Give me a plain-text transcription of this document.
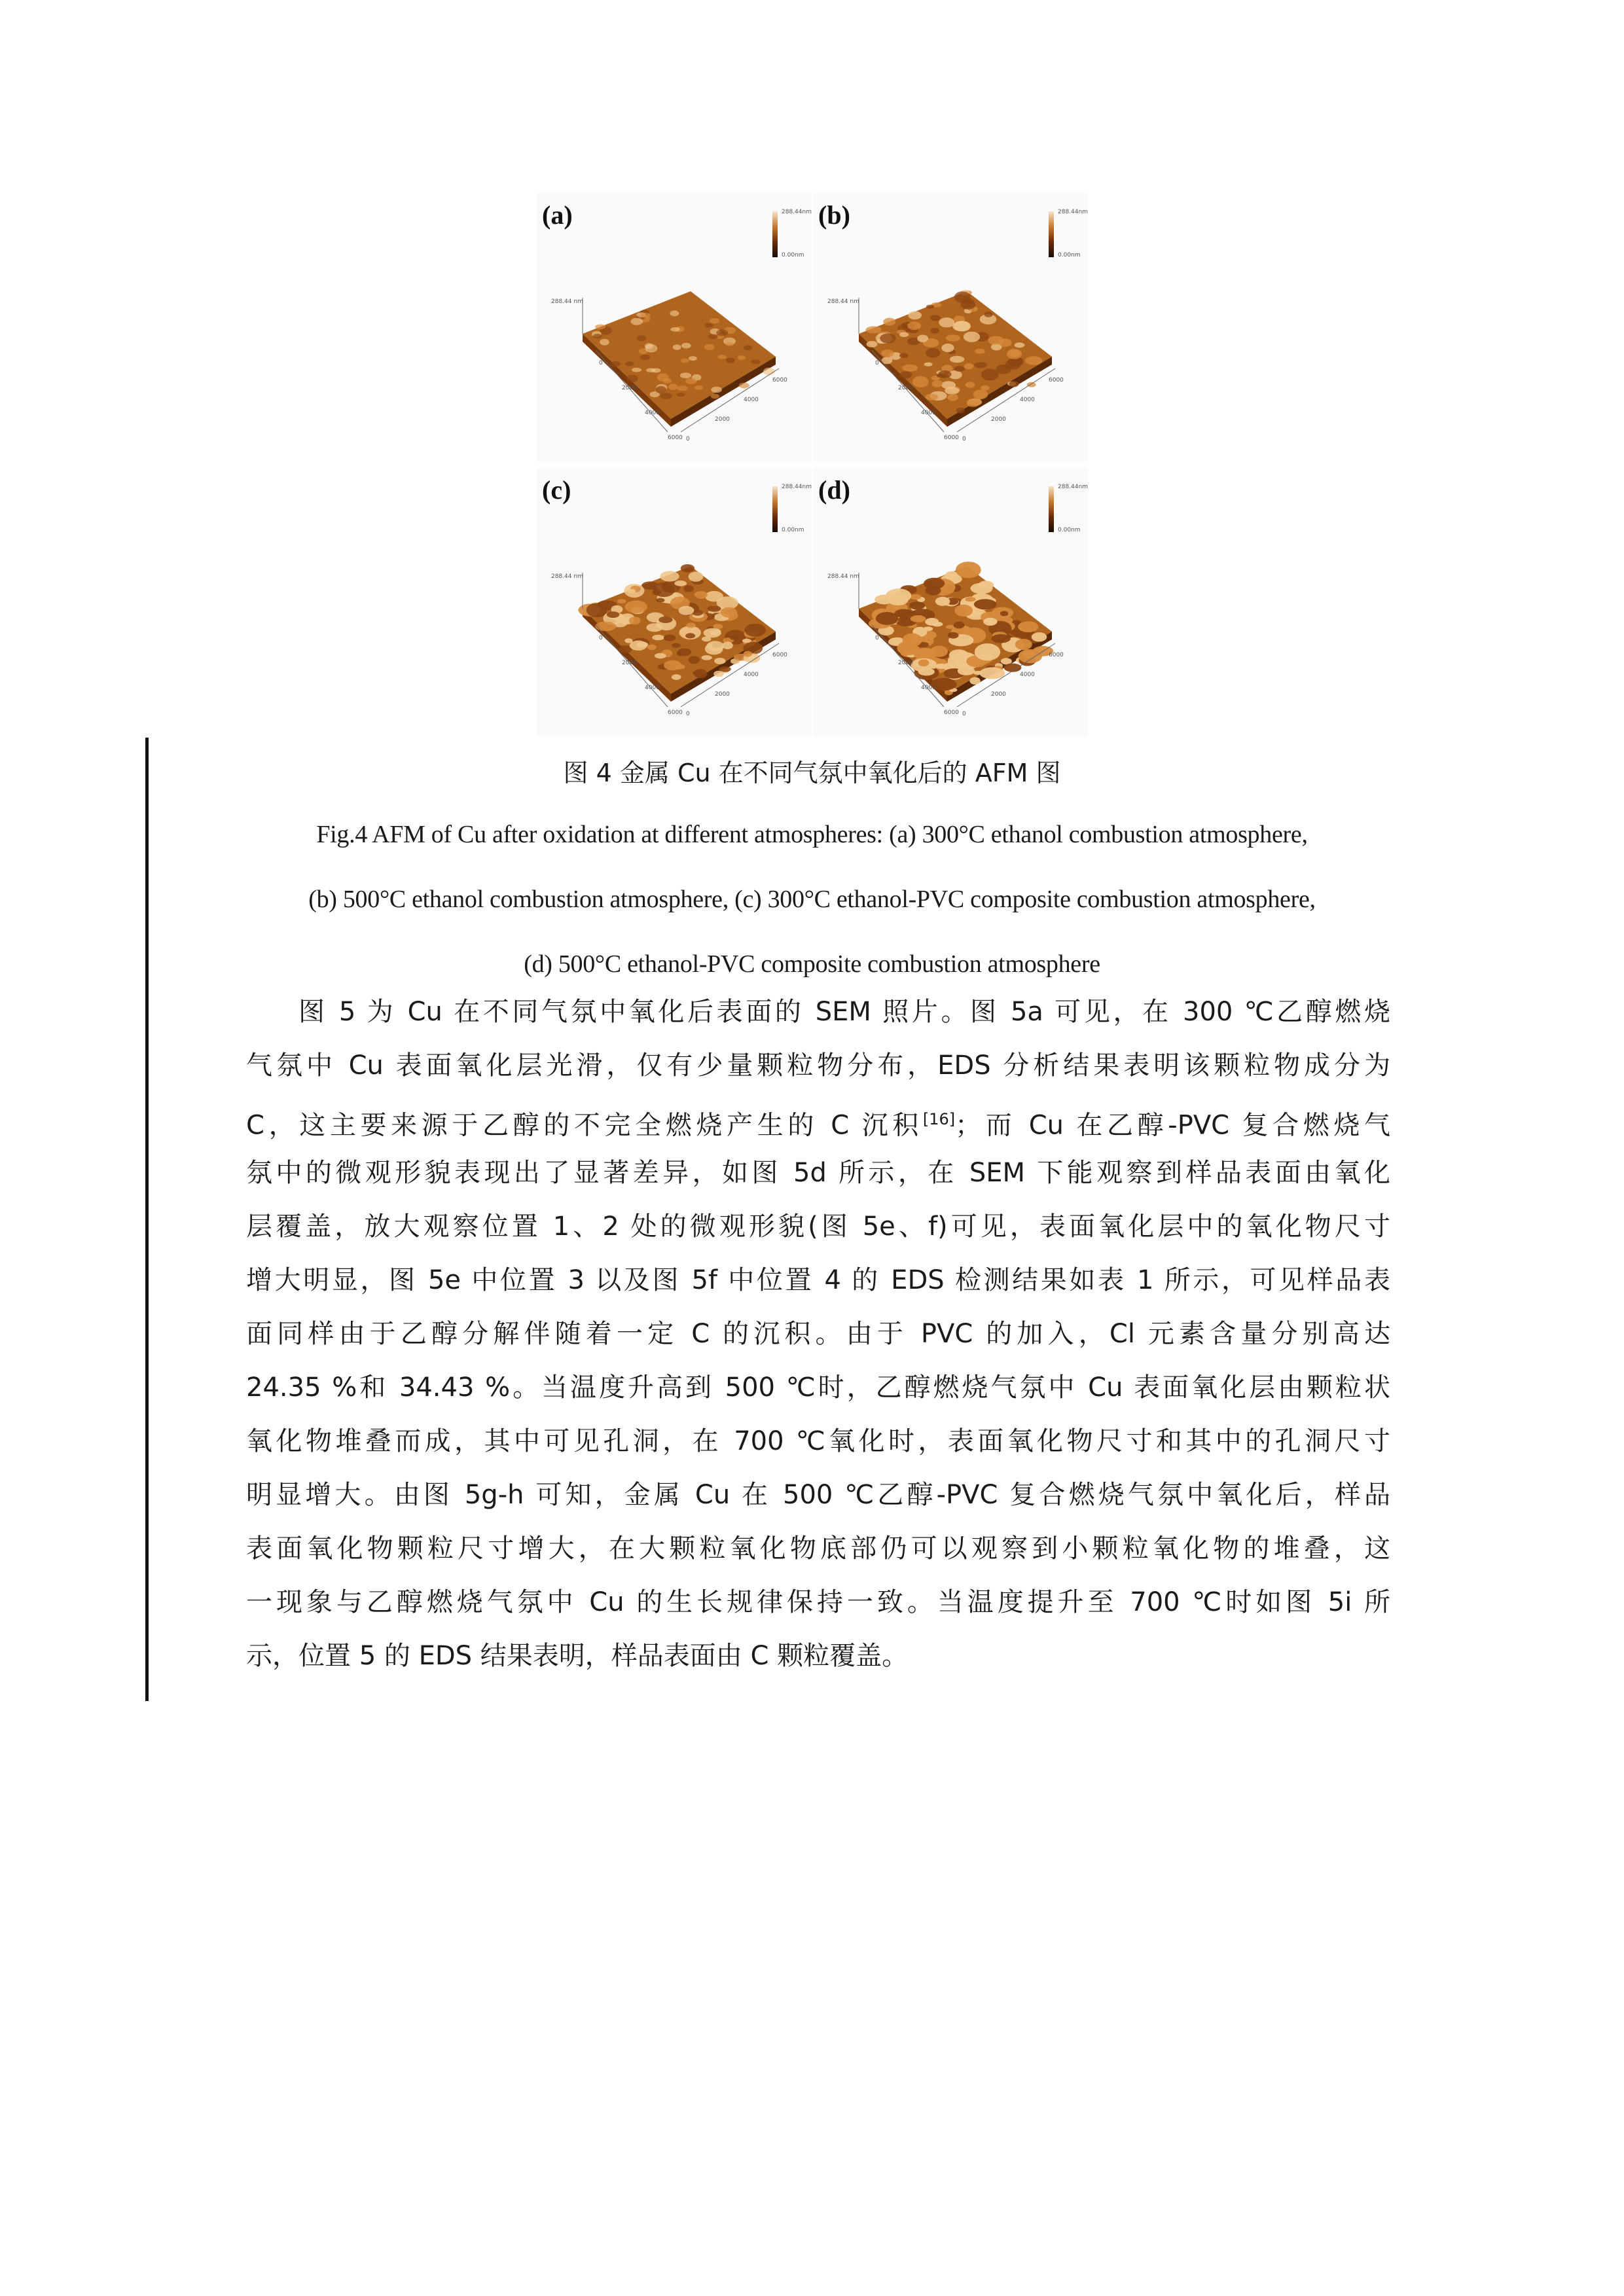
(a)	288.44nm
0.00nm
288.44 nm
0
2000
4000
6000 0
2000
4000
6000
(b)	288.44nm
0.00nm
288.44 nm
0
2000
4000
6000 0
2000
4000
6000
(c)	288.44nm
0.00nm
288.44 nm
0
2000
4000
6000 0
2000
4000
6000
(d)	288.44nm
0.00nm
288.44 nm
0
2000
4000
6000 0
2000
4000
6000
图 4 金属 Cu 在不同气氛中氧化后的 AFM 图
Fig.4 AFM of Cu after oxidation at different atmospheres: (a) 300°C ethanol combustion atmosphere,
(b) 500°C ethanol combustion atmosphere, (c) 300°C ethanol-PVC composite combustion atmosphere,
(d) 500°C ethanol-PVC composite combustion atmosphere
图 5 为 Cu 在不同气氛中氧化后表面的 SEM 照片。图 5a 可见，在 300 ℃乙醇燃烧
气氛中 Cu 表面氧化层光滑，仅有少量颗粒物分布，EDS 分析结果表明该颗粒物成分为
C，这主要来源于乙醇的不完全燃烧产生的 C 沉积[16]；而 Cu 在乙醇-PVC 复合燃烧气
氛中的微观形貌表现出了显著差异，如图 5d 所示，在 SEM 下能观察到样品表面由氧化
层覆盖，放大观察位置 1、2 处的微观形貌(图 5e、f)可见，表面氧化层中的氧化物尺寸
增大明显，图 5e 中位置 3 以及图 5f 中位置 4 的 EDS 检测结果如表 1 所示，可见样品表
面同样由于乙醇分解伴随着一定 C 的沉积。由于 PVC 的加入，Cl 元素含量分别高达
24.35 %和 34.43 %。当温度升高到 500 ℃时，乙醇燃烧气氛中 Cu 表面氧化层由颗粒状
氧化物堆叠而成，其中可见孔洞，在 700 ℃氧化时，表面氧化物尺寸和其中的孔洞尺寸
明显增大。由图 5g-h 可知，金属 Cu 在 500 ℃乙醇-PVC 复合燃烧气氛中氧化后，样品
表面氧化物颗粒尺寸增大，在大颗粒氧化物底部仍可以观察到小颗粒氧化物的堆叠，这
一现象与乙醇燃烧气氛中 Cu 的生长规律保持一致。当温度提升至 700 ℃时如图 5i 所
示，位置 5 的 EDS 结果表明，样品表面由 C 颗粒覆盖。
